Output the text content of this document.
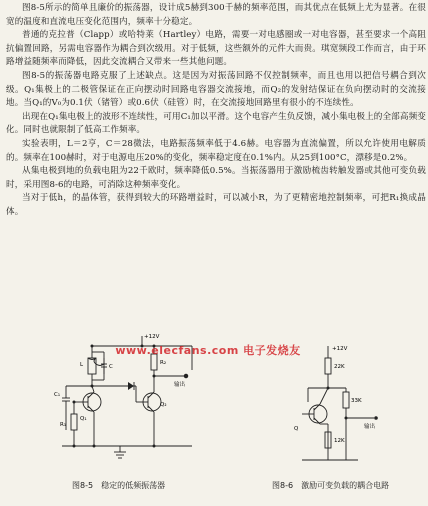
图8-5所示的简单且廉价的振荡器，设计成5赫到300千赫的频率范围，而其优点在低频上尤为显著。在很宽的温度和直流电压变化范围内，频率十分稳定。

普通的克拉普（Clapp）或哈特莱（Hartley）电路，需要一对电感圈或一对电容器，甚至要求一个高阻抗偏置回路，另需电容器作为耦合到次级用。对于低频，这些额外的元件大而贵。琪宽频段工作而言，由于环路增益随频率而降低，因此交流耦合又带来一些其他问题。

图8-5的振荡器电路克服了上述缺点。这是因为对振荡回路不仅控制频率，而且也用以把信号耦合到次级。Q₁集极上的二极管保证在正向摆动时回路电容器交流接地，而Q₂的发射结保证在负向摆动时的交流接地。当Q₁的V₀为0.1伏（锗管）或0.6伏（硅管）时，在交流接地回路里有很小的不连续性。

出现在Q₁集电极上的波形不连续性，可用C₁加以平滑。这个电容产生负反馈，减小集电极上的全部高频变化。同时也就限制了低高工作频率。

实验表明，L＝2亨，C＝28微法，电路振荡频率低于4.6赫。电容器为直流偏置，所以允许使用电解质的。频率在100赫时，对于电源电压20%的变化，频率稳定度在0.1%内。从25到100°C，漂移是0.2%。

从集电极到地的负载电阻为22千欧时，频率降低0.5%。当振荡器用于激励梳齿转触发器或其他可变负载时，采用图8-6的电路，可消除这种频率变化。

当对于低h，的晶体管，获得到较大的环路增益时，可以减小R，为了更精密地控制频率，可把R₁换成晶体。

+12V
C₁
Q₁
Q₂
R₁
R₂
L	C
输出
+12V
22K
33K
12K
输出
Q
www.elecfans.com 电子发烧友
图8-5　稳定的低频振荡器	图8-6　激励可变负载的耦合电路
